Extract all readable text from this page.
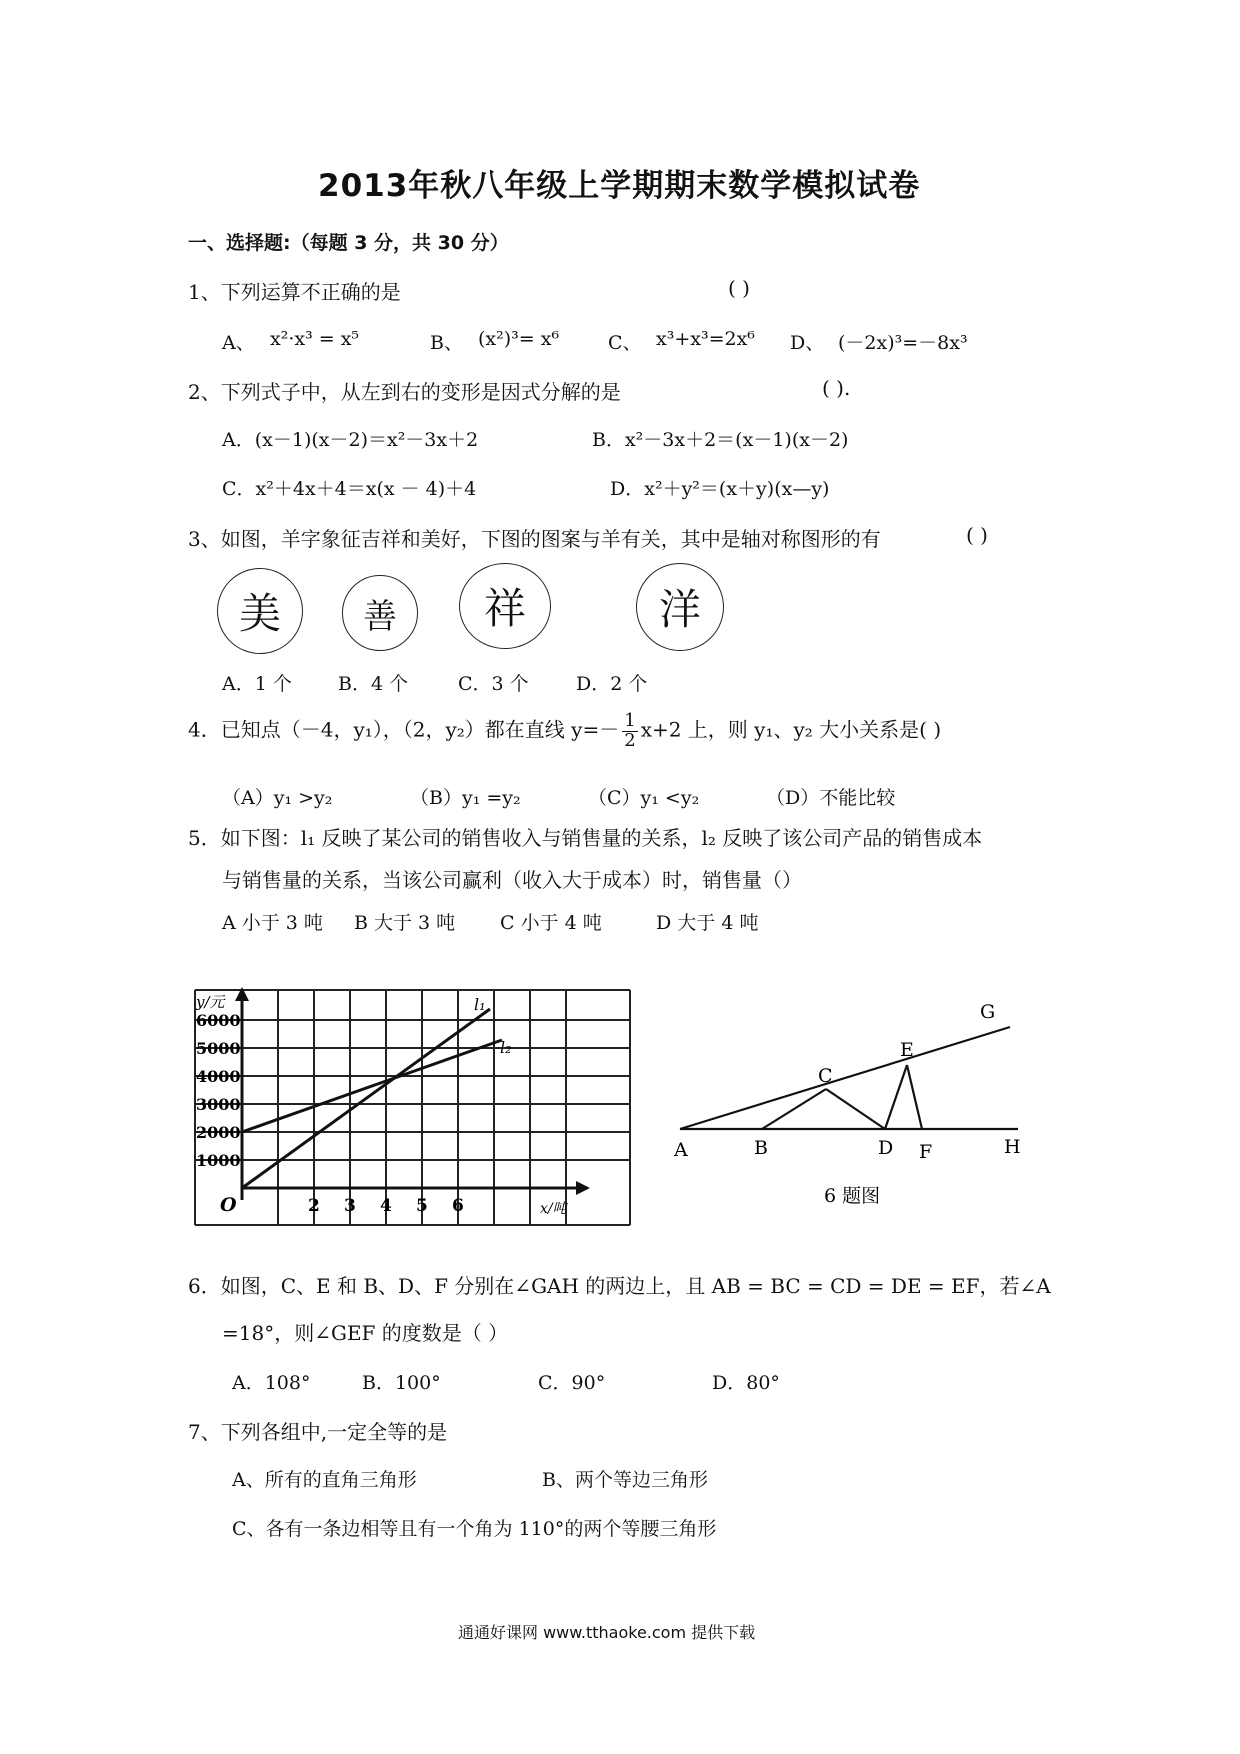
2013年秋八年级上学期期末数学模拟试卷
一、选择题:（每题 3 分，共 30 分）
1、下列运算不正确的是	( )
A、 x²·x³ = x⁵	B、 (x²)³= x⁶	C、 x³+x³=2x⁶ D、 (－2x)³=－8x³
2、下列式子中，从左到右的变形是因式分解的是	( ).
A．(x－1)(x－2)＝x²－3x＋2	B．x²－3x＋2＝(x－1)(x－2)
C．x²＋4x＋4＝x(x － 4)＋4	D．x²＋y²＝(x＋y)(x—y)
3、如图，羊字象征吉祥和美好，下图的图案与羊有关，其中是轴对称图形的有	( )
美 善 祥	洋
A．1 个 B．4 个	C．3 个 D．2 个
4．已知点（－4，y₁），（2，y₂）都在直线 $y=- \frac{1}{2} x+2$ 上，则 y₁、y₂ 大小关系是( )
（A）y₁ >y₂	（B）y₁ =y₂	（C）y₁ <y₂	（D）不能比较
5．如下图：l₁ 反映了某公司的销售收入与销售量的关系，l₂ 反映了该公司产品的销售成本
与销售量的关系，当该公司赢利（收入大于成本）时，销售量（）
A 小于 3 吨 B 大于 3 吨 C 小于 4 吨	D 大于 4 吨
y/元
6000
5000
4000
3000
2000
1000
O	2 3 4 5 6	x/吨
l₁
l₂
A	B
C
D
E
F
G
H
6 题图
6．如图，C、E 和 B、D、F 分别在∠GAH 的两边上，且 AB = BC = CD = DE = EF，若∠A
=18°，则∠GEF 的度数是（ ）
A．108°	B．100°	C．90°	D．80°
7、下列各组中,一定全等的是
A、所有的直角三角形	B、两个等边三角形
C、各有一条边相等且有一个角为 110°的两个等腰三角形
通通好课网 www.tthaoke.com 提供下载
